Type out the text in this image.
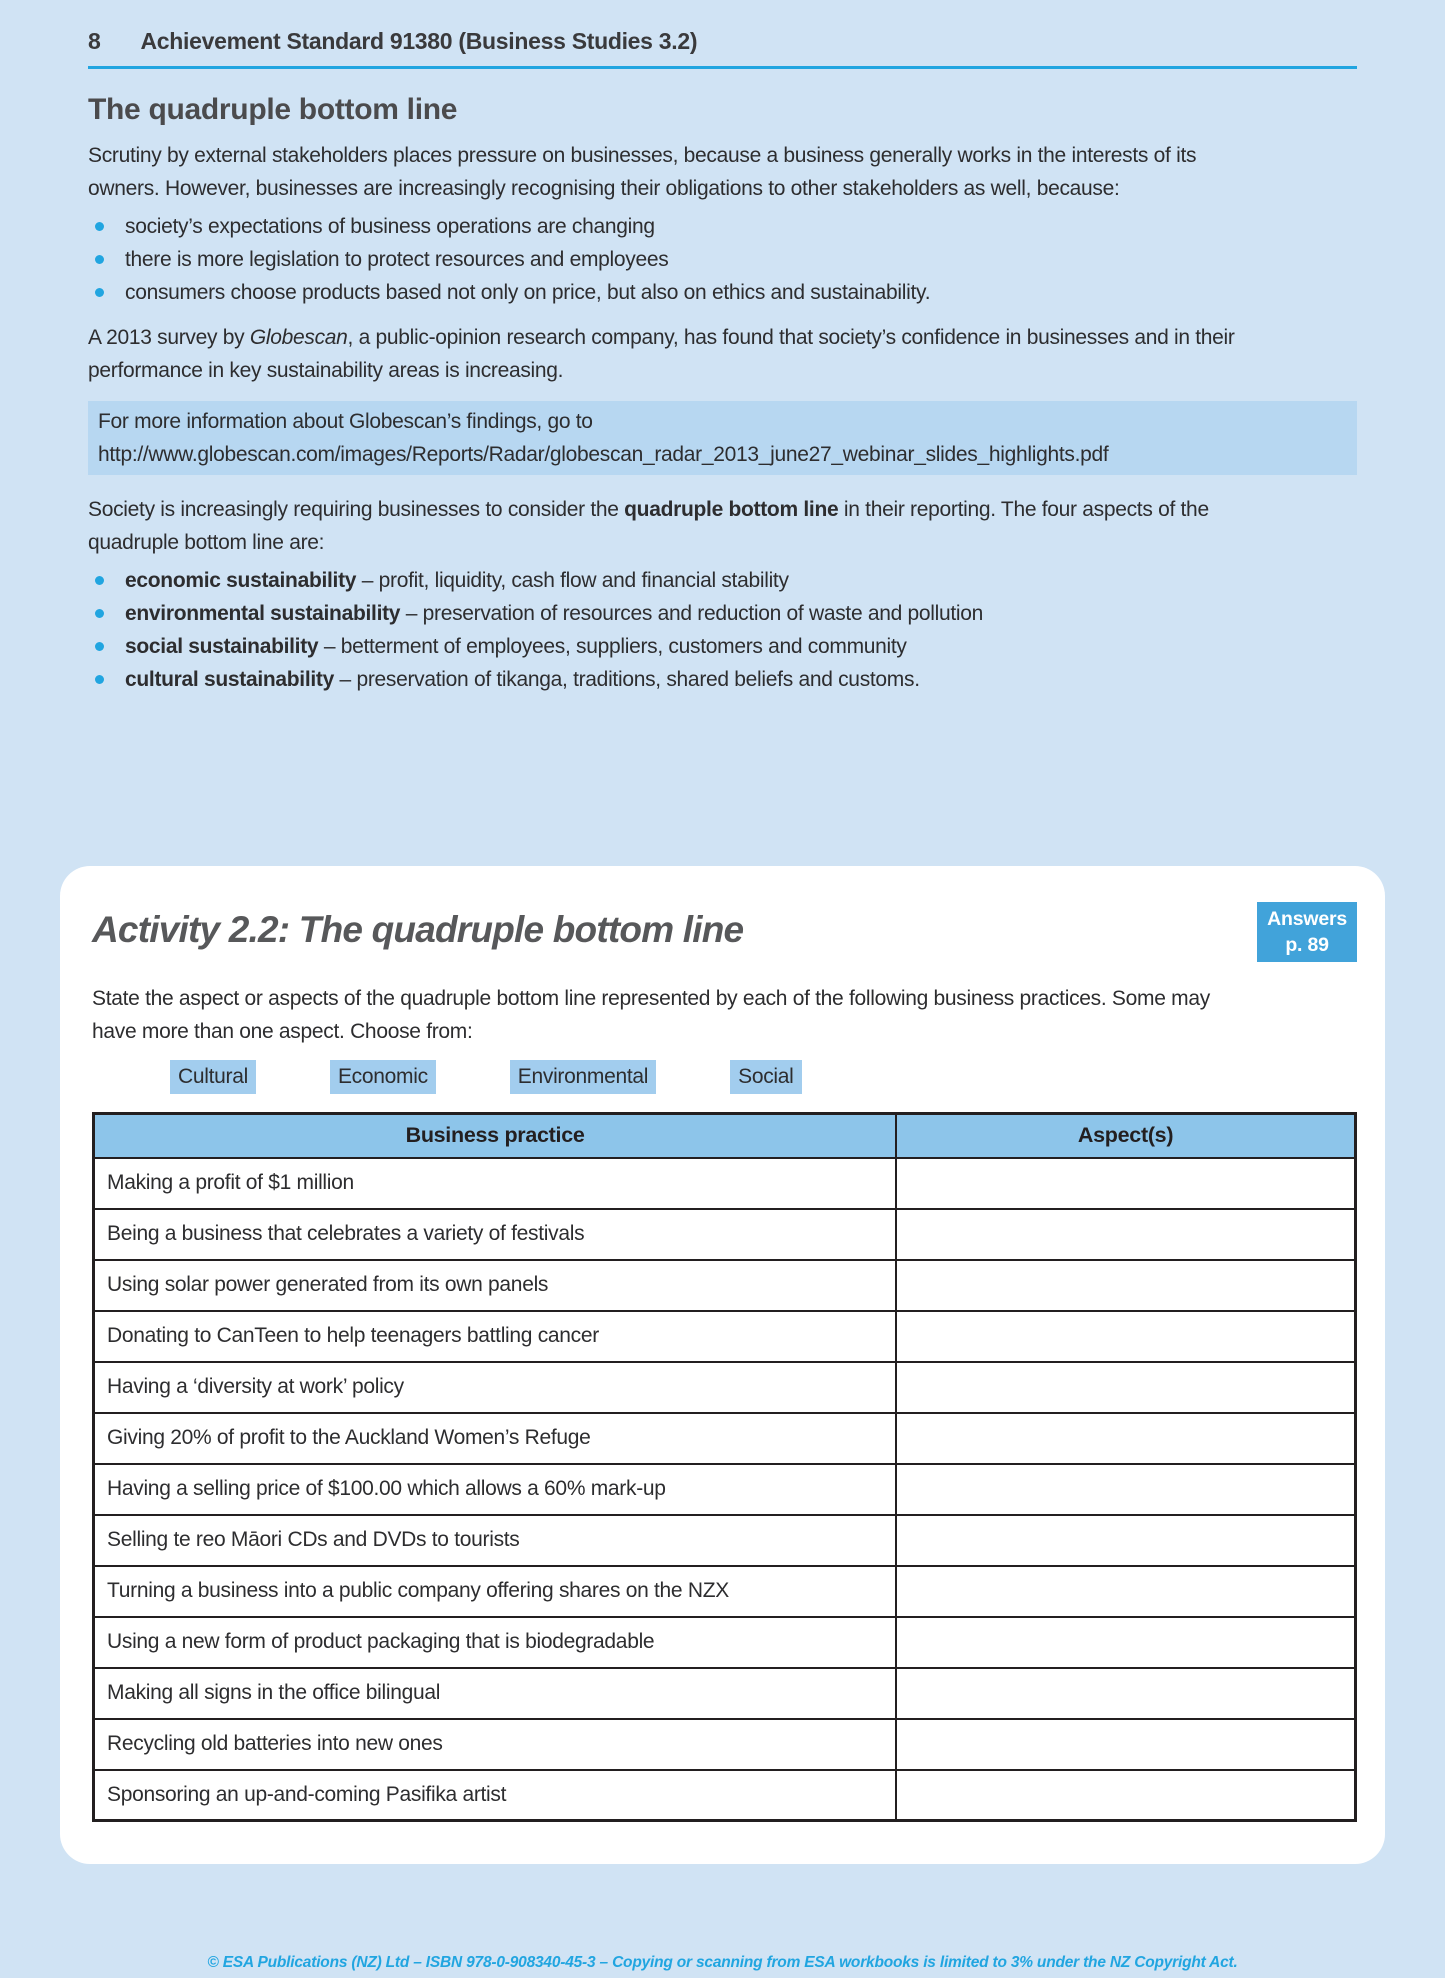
8 Achievement Standard 91380 (Business Studies 3.2)
The quadruple bottom line

Scrutiny by external stakeholders places pressure on businesses, because a business generally works in the interests of its owners. However, businesses are increasingly recognising their obligations to other stakeholders as well, because:

society’s expectations of business operations are changing
there is more legislation to protect resources and employees
consumers choose products based not only on price, but also on ethics and sustainability.

A 2013 survey by Globescan, a public-opinion research company, has found that society’s confidence in businesses and in their performance in key sustainability areas is increasing.

For more information about Globescan’s findings, go to

http://www.globescan.com/images/Reports/Radar/globescan_radar_2013_june27_webinar_slides_highlights.pdf

Society is increasingly requiring businesses to consider the quadruple bottom line in their reporting. The four aspects of the quadruple bottom line are:

economic sustainability – profit, liquidity, cash flow and financial stability
environmental sustainability – preservation of resources and reduction of waste and pollution
social sustainability – betterment of employees, suppliers, customers and community
cultural sustainability – preservation of tikanga, traditions, shared beliefs and customs.
Activity 2.2: The quadruple bottom line	Answers
p. 89

State the aspect or aspects of the quadruple bottom line represented by each of the following business practices. Some may have more than one aspect. Choose from:

Cultural	Economic	Environmental	Social
Business practice	Aspect(s)
Making a profit of $1 million	
Being a business that celebrates a variety of festivals	
Using solar power generated from its own panels	
Donating to CanTeen to help teenagers battling cancer	
Having a ‘diversity at work’ policy	
Giving 20% of profit to the Auckland Women’s Refuge	
Having a selling price of $100.00 which allows a 60% mark-up	
Selling te reo Māori CDs and DVDs to tourists	
Turning a business into a public company offering shares on the NZX	
Using a new form of product packaging that is biodegradable	
Making all signs in the office bilingual	
Recycling old batteries into new ones	
Sponsoring an up-and-coming Pasifika artist	
© ESA Publications (NZ) Ltd – ISBN 978-0-908340-45-3 – Copying or scanning from ESA workbooks is limited to 3% under the NZ Copyright Act.
